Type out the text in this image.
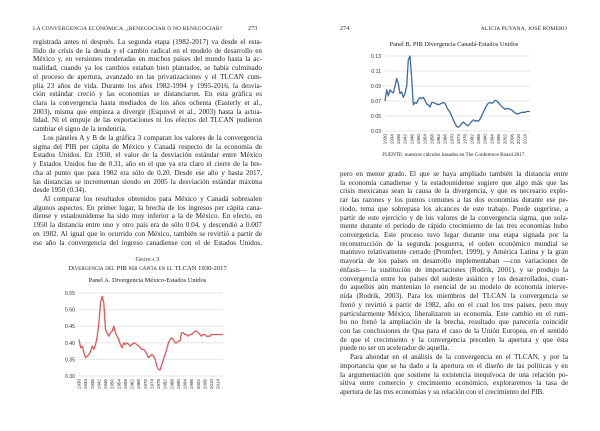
LA CONVERGENCIA ECONÓMICA. ¿RENEGOCIAR O NO RENEGOCIAR?	273
registrada antes ni después. La segunda etapa (1982-2017) va desde el esta-
llido de crisis de la deuda y el cambio radical en el modelo de desarrollo en
México y, en versiones moderadas en muchos países del mundo hasta la ac-
tualidad, cuando ya los cambios estaban bien plantados, se había culminado
el proceso de apertura, avanzado en las privatizaciones y el TLCAN cum-
plía 23 años de vida. Durante los años 1982-1994 y 1995-2016, la desvia-
ción estándar creció y las economías se distanciaron. En esta gráfica es
clara la convergencia hasta mediados de los años ochenta (Easterly et al.,
2003), misma que empieza a divergir (Esquivel et al., 2003) hasta la actua-
lidad. Ni el empuje de las exportaciones ni los efectos del TLCAN pudieron
cambiar el signo de la tendencia.
Los páneles A y B de la gráfica 3 comparan los valores de la convergencia
sigma del PIB per cápita de México y Canadá respecto de la economía de
Estados Unidos. En 1930, el valor de la desviación estándar entre México
y Estados Unidos fue de 0.31, año en el que ya era claro el cierre de la bre-
cha al punto que para 1982 era sólo de 0.20. Desde ese año y hasta 2017,
las distancias se incrementan siendo en 2005 la desviación estándar máxima
desde 1950 (0.34).
Al comparar los resultados obtenidos para México y Canadá sobresalen
algunos aspectos. En primer lugar, la brecha de los ingresos per cápita cana-
diense y estadounidense ha sido muy inferior a la de México. En efecto, en
1950 la distancia entre uno y otro país era de sólo 0.04, y descendió a 0.007
en 1982. Al igual que lo ocurrido con México, también se revirtió a partir de
ese año la convergencia del ingreso canadiense con el de Estados Unidos,
Gráfica 3
Divergencia del PIB per cápita en el TLCAN 1930-2017
Panel A. Divergencia México-Estados Unidos
0.30
0.35
0.40
0.45
0.50
0.55
1930 1934 1938 1942 1946 1950 1954 1958 1962 1966 1970 1974 1978 1982 1986 1990 1994 1998 2002 2006 2010 2014
274	ALICIA PUYANA, JOSÉ ROMERO
Panel B. PIB Divergencia Canadá-Estados Unidos
0.03
0.05
0.07
0.09
0.11
0.13
1930 1934 1938 1942 1946 1950 1954 1958 1962 1966 1970 1974 1978 1982 1986 1990 1994 1998 2002 2006 2010 2014
FUENTE: nuestros cálculos basados en The Conference Board 2017.
pero en menor grado. El que se haya ampliado también la distancia entre
la economía canadiense y la estadounidense sugiere que algo más que las
crisis mexicanas sean la causa de la divergencia, y que es necesario explo-
rar las razones y los puntos comunes a las dos economías durante ese pe-
riodo, tema que sobrepasa los alcances de este trabajo. Puede sugerirse, a
partir de este ejercicio y de los valores de la convergencia sigma, que sola-
mente durante el periodo de rápido crecimiento de las tres economías hubo
convergencia. Este proceso tuvo lugar durante una etapa signada por la
reconstrucción de la segunda posguerra, el orden económico mundial se
mantuvo relativamente cerrado (Promfert, 1999), y América Latina y la gran
mayoría de los países en desarrollo implementaban —con variaciones de
énfasis— la sustitución de importaciones (Rodrik, 2001), y se produjo la
convergencia entre los países del sudeste asiático y los desarrollados, cuan-
do aquellos aún mantenían lo esencial de su modelo de economía interve-
nida (Rodrik, 2003). Para los miembros del TLCAN la convergencia se
frenó y revirtió a partir de 1982, año en el cual los tres países, pero muy
particularmente México, liberalizaron su economía. Este cambio en el rum-
bo no frenó la ampliación de la brecha, resultado que parecería coincidir
con las conclusiones de Qua para el caso de la Unión Europea, en el sentido
de que el crecimiento y la convergencia preceden la apertura y que ésta
puede no ser un acelerador de aquella.
Para ahondar en el análisis de la convergencia en el TLCAN, y por la
importancia que se ha dado a la apertura en el diseño de las políticas y en
la argumentación que sostiene la existencia inequívoca de una relación po-
sitiva entre comercio y crecimiento económico, exploraremos la tasa de
apertura de las tres economías y su relación con el crecimiento del PIB.
